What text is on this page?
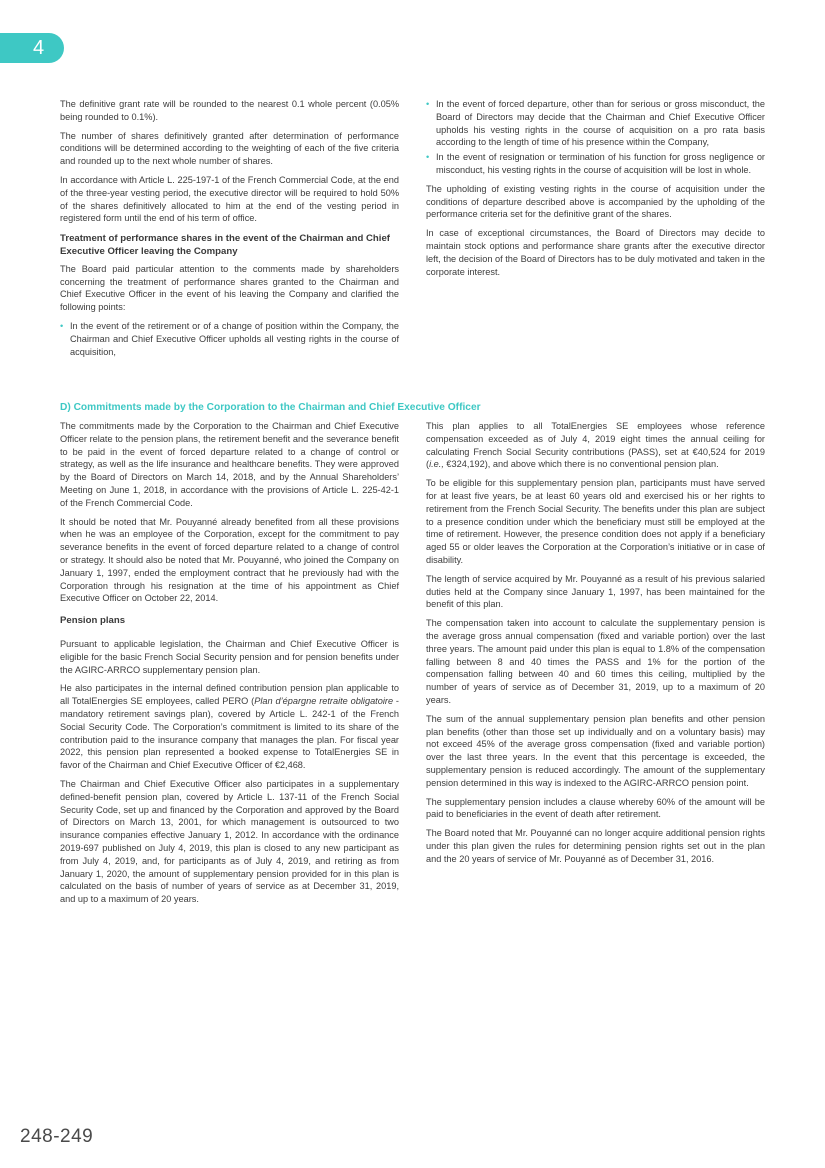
4

The definitive grant rate will be rounded to the nearest 0.1 whole percent (0.05% being rounded to 0.1%).

The number of shares definitively granted after determination of performance conditions will be determined according to the weighting of each of the five criteria and rounded up to the next whole number of shares.

In accordance with Article L. 225-197-1 of the French Commercial Code, at the end of the three-year vesting period, the executive director will be required to hold 50% of the shares definitively allocated to him at the end of the vesting period in registered form until the end of his term of office.

Treatment of performance shares in the event of the Chairman and Chief Executive Officer leaving the Company

The Board paid particular attention to the comments made by shareholders concerning the treatment of performance shares granted to the Chairman and Chief Executive Officer in the event of his leaving the Company and clarified the following points:

• In the event of the retirement or of a change of position within the Company, the Chairman and Chief Executive Officer upholds all vesting rights in the course of acquisition,
• In the event of forced departure, other than for serious or gross misconduct, the Board of Directors may decide that the Chairman and Chief Executive Officer upholds his vesting rights in the course of acquisition on a pro rata basis according to the length of time of his presence within the Company,
• In the event of resignation or termination of his function for gross negligence or misconduct, his vesting rights in the course of acquisition will be lost in whole.

The upholding of existing vesting rights in the course of acquisition under the conditions of departure described above is accompanied by the upholding of the performance criteria set for the definitive grant of the shares.

In case of exceptional circumstances, the Board of Directors may decide to maintain stock options and performance share grants after the executive director left, the decision of the Board of Directors has to be duly motivated and taken in the corporate interest.

D) Commitments made by the Corporation to the Chairman and Chief Executive Officer

The commitments made by the Corporation to the Chairman and Chief Executive Officer relate to the pension plans, the retirement benefit and the severance benefit to be paid in the event of forced departure related to a change of control or strategy, as well as the life insurance and healthcare benefits. They were approved by the Board of Directors on March 14, 2018, and by the Annual Shareholders’ Meeting on June 1, 2018, in accordance with the provisions of Article L. 225-42-1 of the French Commercial Code.

It should be noted that Mr. Pouyanné already benefited from all these provisions when he was an employee of the Corporation, except for the commitment to pay severance benefits in the event of forced departure related to a change of control or strategy. It should also be noted that Mr. Pouyanné, who joined the Company on January 1, 1997, ended the employment contract that he previously had with the Corporation through his resignation at the time of his appointment as Chief Executive Officer on October 22, 2014.

Pension plans

Pursuant to applicable legislation, the Chairman and Chief Executive Officer is eligible for the basic French Social Security pension and for pension benefits under the AGIRC-ARRCO supplementary pension plan.

He also participates in the internal defined contribution pension plan applicable to all TotalEnergies SE employees, called PERO (Plan d’épargne retraite obligatoire - mandatory retirement savings plan), covered by Article L. 242-1 of the French Social Security Code. The Corporation’s commitment is limited to its share of the contribution paid to the insurance company that manages the plan. For fiscal year 2022, this pension plan represented a booked expense to TotalEnergies SE in favor of the Chairman and Chief Executive Officer of €2,468.

The Chairman and Chief Executive Officer also participates in a supplementary defined-benefit pension plan, covered by Article L. 137-11 of the French Social Security Code, set up and financed by the Corporation and approved by the Board of Directors on March 13, 2001, for which management is outsourced to two insurance companies effective January 1, 2012. In accordance with the ordinance 2019-697 published on July 4, 2019, this plan is closed to any new participant as from July 4, 2019, and, for participants as of July 4, 2019, and retiring as from January 1, 2020, the amount of supplementary pension provided for in this plan is calculated on the basis of number of years of service as at December 31, 2019, and up to a maximum of 20 years.

This plan applies to all TotalEnergies SE employees whose reference compensation exceeded as of July 4, 2019 eight times the annual ceiling for calculating French Social Security contributions (PASS), set at €40,524 for 2019 (i.e., €324,192), and above which there is no conventional pension plan.

To be eligible for this supplementary pension plan, participants must have served for at least five years, be at least 60 years old and exercised his or her rights to retirement from the French Social Security. The benefits under this plan are subject to a presence condition under which the beneficiary must still be employed at the time of retirement. However, the presence condition does not apply if a beneficiary aged 55 or older leaves the Corporation at the Corporation’s initiative or in case of disability.

The length of service acquired by Mr. Pouyanné as a result of his previous salaried duties held at the Company since January 1, 1997, has been maintained for the benefit of this plan.

The compensation taken into account to calculate the supplementary pension is the average gross annual compensation (fixed and variable portion) over the last three years. The amount paid under this plan is equal to 1.8% of the compensation falling between 8 and 40 times the PASS and 1% for the portion of the compensation falling between 40 and 60 times this ceiling, multiplied by the number of years of service as of December 31, 2019, up to a maximum of 20 years.

The sum of the annual supplementary pension plan benefits and other pension plan benefits (other than those set up individually and on a voluntary basis) may not exceed 45% of the average gross compensation (fixed and variable portion) over the last three years. In the event that this percentage is exceeded, the supplementary pension is reduced accordingly. The amount of the supplementary pension determined in this way is indexed to the AGIRC-ARRCO pension point.

The supplementary pension includes a clause whereby 60% of the amount will be paid to beneficiaries in the event of death after retirement.

The Board noted that Mr. Pouyanné can no longer acquire additional pension rights under this plan given the rules for determining pension rights set out in the plan and the 20 years of service of Mr. Pouyanné as of December 31, 2016.

248-249
